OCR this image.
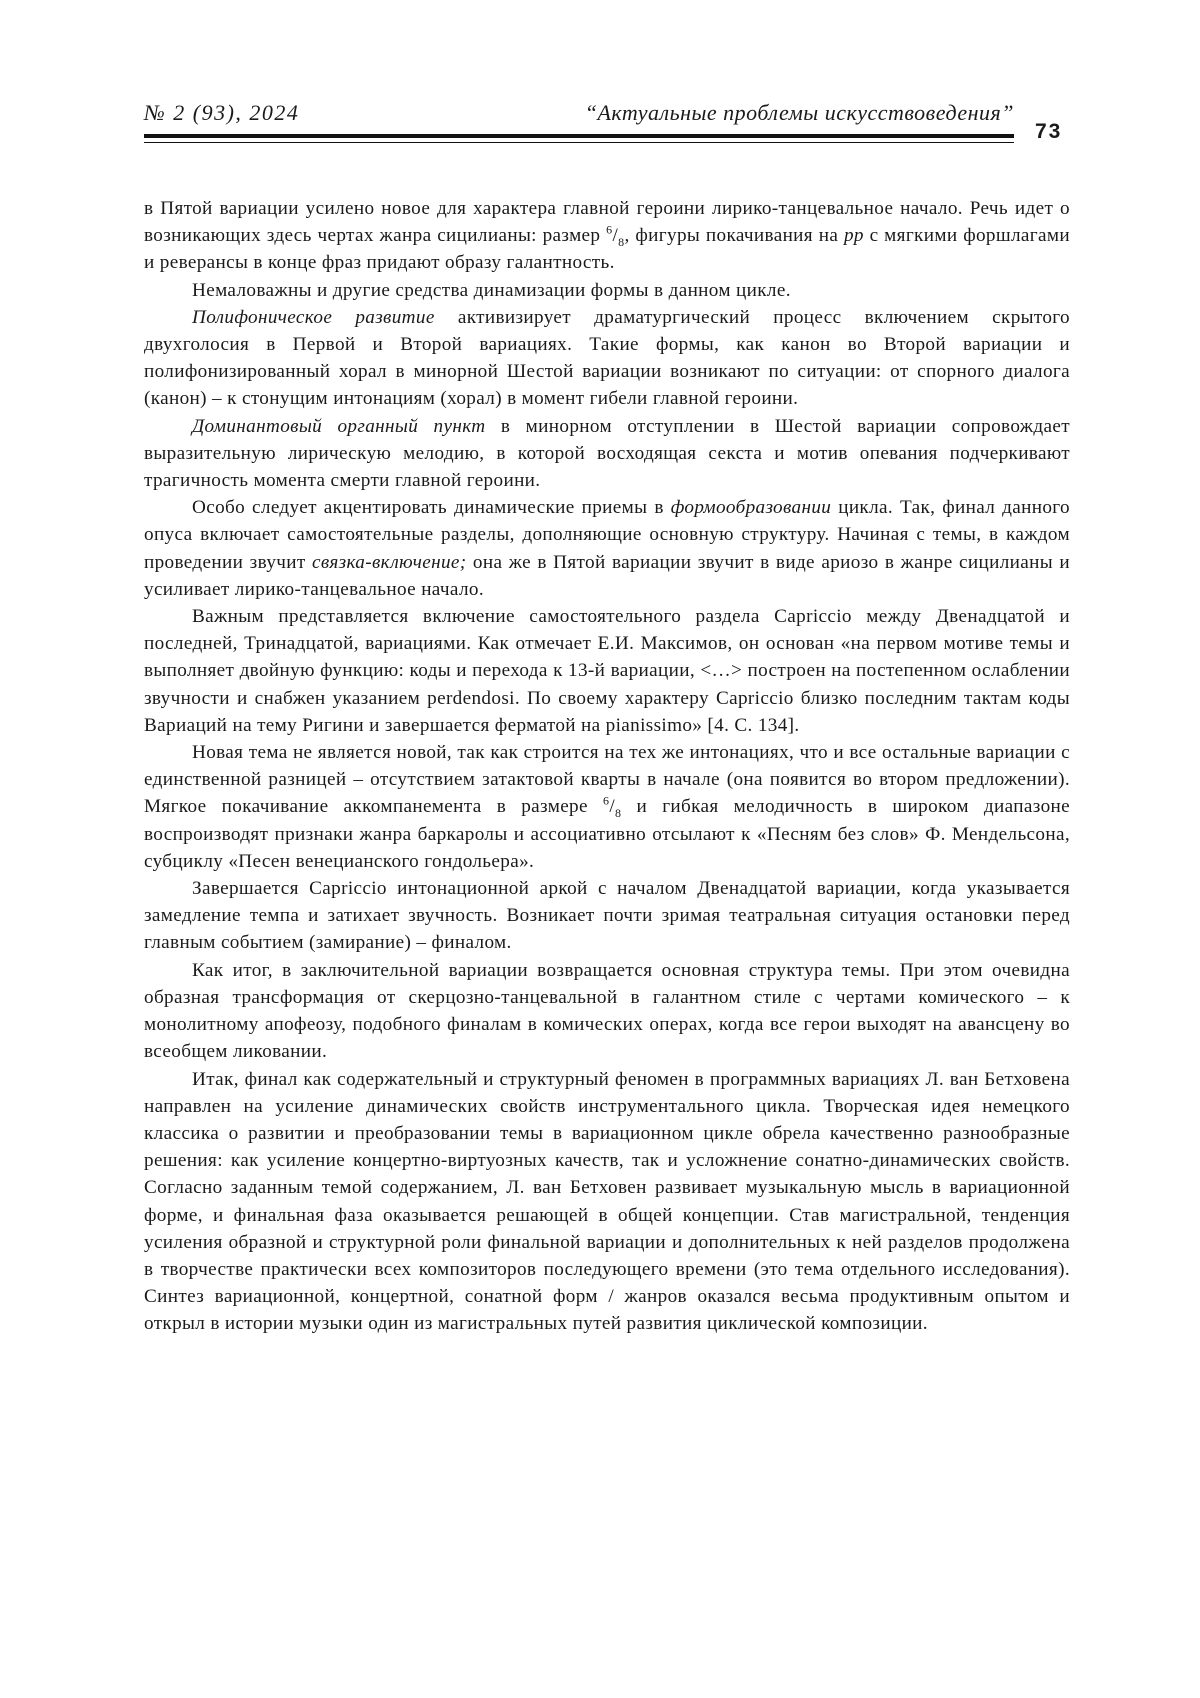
№ 2 (93), 2024	“Актуальные проблемы искусствоведения”
73

в Пятой вариации усилено новое для характера главной героини лирико-танцевальное начало. Речь идет о возникающих здесь чертах жанра сицилианы: размер 6/8, фигуры покачивания на pp с мягкими форшлагами и реверансы в конце фраз придают образу галантность.

Немаловажны и другие средства динамизации формы в данном цикле.

Полифоническое развитие активизирует драматургический процесс включением скрытого двухголосия в Первой и Второй вариациях. Такие формы, как канон во Второй вариации и полифонизированный хорал в минорной Шестой вариации возникают по ситуации: от спорного диалога (канон) – к стонущим интонациям (хорал) в момент гибели главной героини.

Доминантовый органный пункт в минорном отступлении в Шестой вариации сопровождает выразительную лирическую мелодию, в которой восходящая секста и мотив опевания подчеркивают трагичность момента смерти главной героини.

Особо следует акцентировать динамические приемы в формообразовании цикла. Так, финал данного опуса включает самостоятельные разделы, дополняющие основную структуру. Начиная с темы, в каждом проведении звучит связка-включение; она же в Пятой вариации звучит в виде ариозо в жанре сицилианы и усиливает лирико-танцевальное начало.

Важным представляется включение самостоятельного раздела Capriccio между Двенадцатой и последней, Тринадцатой, вариациями. Как отмечает Е.И. Максимов, он основан «на первом мотиве темы и выполняет двойную функцию: коды и перехода к 13-й вариации, <…> построен на постепенном ослаблении звучности и снабжен указанием perdendosi. По своему характеру Capriccio близко последним тактам коды Вариаций на тему Ригини и завершается ферматой на pianissimo» [4. С. 134].

Новая тема не является новой, так как строится на тех же интонациях, что и все остальные вариации с единственной разницей – отсутствием затактовой кварты в начале (она появится во втором предложении). Мягкое покачивание аккомпанемента в размере 6/8 и гибкая мелодичность в широком диапазоне воспроизводят признаки жанра баркаролы и ассоциативно отсылают к «Песням без слов» Ф. Мендельсона, субциклу «Песен венецианского гондольера».

Завершается Capriccio интонационной аркой с началом Двенадцатой вариации, когда указывается замедление темпа и затихает звучность. Возникает почти зримая театральная ситуация остановки перед главным событием (замирание) – финалом.

Как итог, в заключительной вариации возвращается основная структура темы. При этом очевидна образная трансформация от скерцозно-танцевальной в галантном стиле с чертами комического – к монолитному апофеозу, подобного финалам в комических операх, когда все герои выходят на авансцену во всеобщем ликовании.

Итак, финал как содержательный и структурный феномен в программных вариациях Л. ван Бетховена направлен на усиление динамических свойств инструментального цикла. Творческая идея немецкого классика о развитии и преобразовании темы в вариационном цикле обрела качественно разнообразные решения: как усиление концертно-виртуозных качеств, так и усложнение сонатно-динамических свойств. Согласно заданным темой содержанием, Л. ван Бетховен развивает музыкальную мысль в вариационной форме, и финальная фаза оказывается решающей в общей концепции. Став магистральной, тенденция усиления образной и структурной роли финальной вариации и дополнительных к ней разделов продолжена в творчестве практически всех композиторов последующего времени (это тема отдельного исследования). Синтез вариационной, концертной, сонатной форм / жанров оказался весьма продуктивным опытом и открыл в истории музыки один из магистральных путей развития циклической композиции.
